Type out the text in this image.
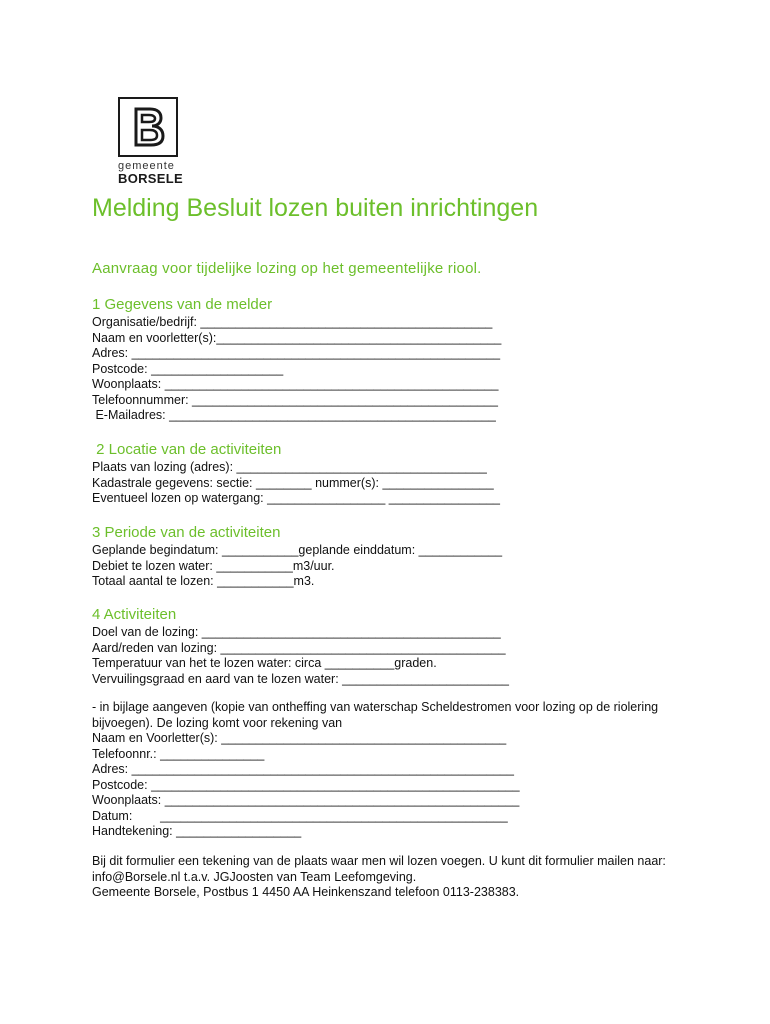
gemeente
BORSELE
Melding Besluit lozen buiten inrichtingen
Aanvraag voor tijdelijke lozing op het gemeentelijke riool.
1 Gegevens van de melder
Organisatie/bedrijf: __________________________________________
Naam en voorletter(s):_________________________________________
Adres: _____________________________________________________
Postcode: ___________________
Woonplaats: ________________________________________________
Telefoonnummer: ____________________________________________
E-Mailadres: _______________________________________________
2 Locatie van de activiteiten
Plaats van lozing (adres): ____________________________________
Kadastrale gegevens: sectie: ________ nummer(s): ________________
Eventueel lozen op watergang: _________________ ________________
3 Periode van de activiteiten
Geplande begindatum: ___________geplande einddatum: ____________
Debiet te lozen water: ___________m3/uur.
Totaal aantal te lozen: ___________m3.
4 Activiteiten
Doel van de lozing: ___________________________________________
Aard/reden van lozing: _________________________________________
Temperatuur van het te lozen water: circa __________graden.
Vervuilingsgraad en aard van te lozen water: ________________________
- in bijlage aangeven (kopie van ontheffing van waterschap Scheldestromen voor lozing op de riolering bijvoegen). De lozing komt voor rekening van
Naam en Voorletter(s): _________________________________________
Telefoonnr.: _______________
Adres: _______________________________________________________
Postcode: _____________________________________________________
Woonplaats: ___________________________________________________
Datum:        __________________________________________________
Handtekening: __________________
Bij dit formulier een tekening van de plaats waar men wil lozen voegen. U kunt dit formulier mailen naar: info@Borsele.nl t.a.v. JGJoosten van Team Leefomgeving.
Gemeente Borsele, Postbus 1 4450 AA Heinkenszand telefoon 0113-238383.
